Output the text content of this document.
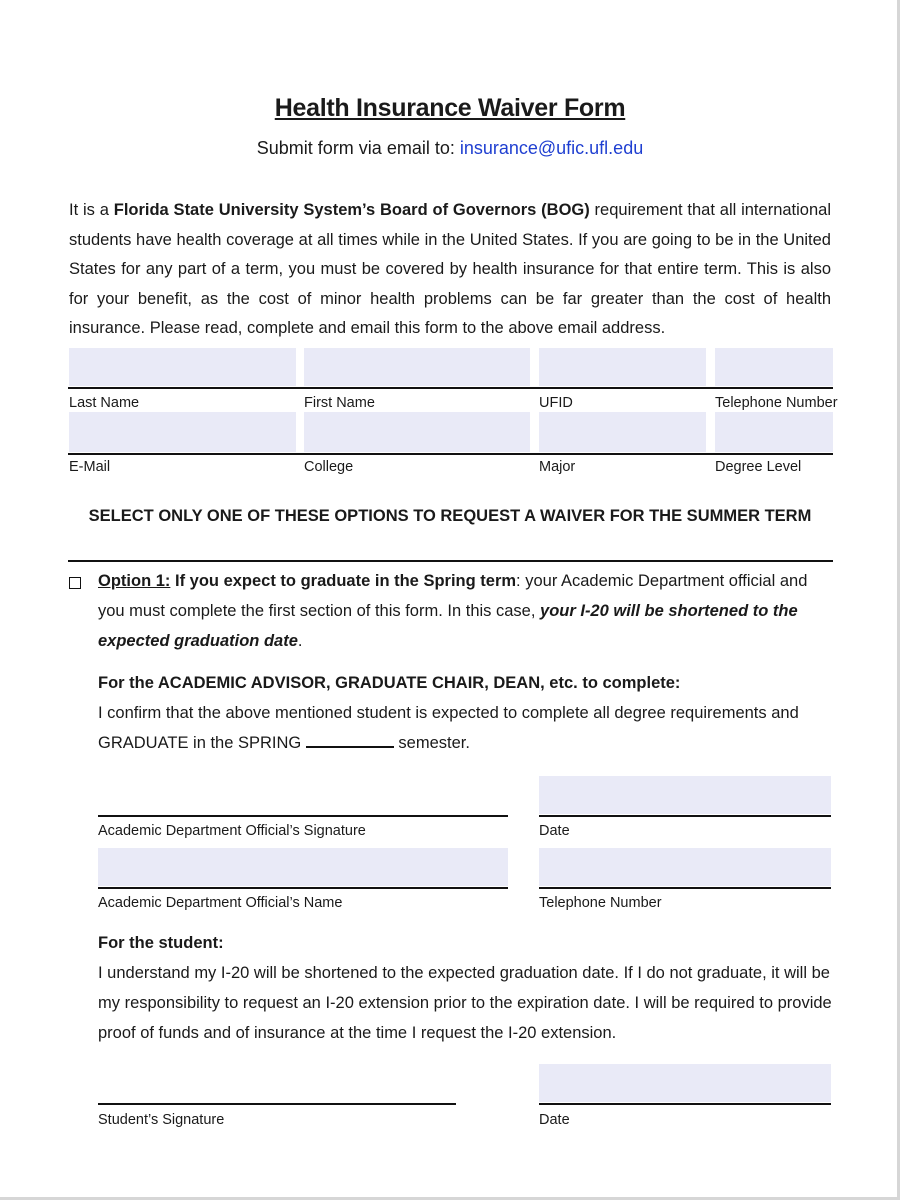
Health Insurance Waiver Form
Submit form via email to: insurance@ufic.ufl.edu
It is a Florida State University System’s Board of Governors (BOG) requirement that all international students have health coverage at all times while in the United States. If you are going to be in the United States for any part of a term, you must be covered by health insurance for that entire term. This is also for your benefit, as the cost of minor health problems can be far greater than the cost of health insurance. Please read, complete and email this form to the above email address.
Last Name	First Name	UFID	Telephone Number
E-Mail	College	Major	Degree Level
SELECT ONLY ONE OF THESE OPTIONS TO REQUEST A WAIVER FOR THE SUMMER TERM
Option 1: If you expect to graduate in the Spring term: your Academic Department official and you must complete the first section of this form. In this case, your I-20 will be shortened to the expected graduation date.
For the ACADEMIC ADVISOR, GRADUATE CHAIR, DEAN, etc. to complete:
I confirm that the above mentioned student is expected to complete all degree requirements and GRADUATE in the SPRING	semester.
Academic Department Official’s Signature	Date
Academic Department Official’s Name	Telephone Number
For the student:
I understand my I-20 will be shortened to the expected graduation date. If I do not graduate, it will be my responsibility to request an I-20 extension prior to the expiration date. I will be required to provide proof of funds and of insurance at the time I request the I-20 extension.
Student’s Signature	Date
